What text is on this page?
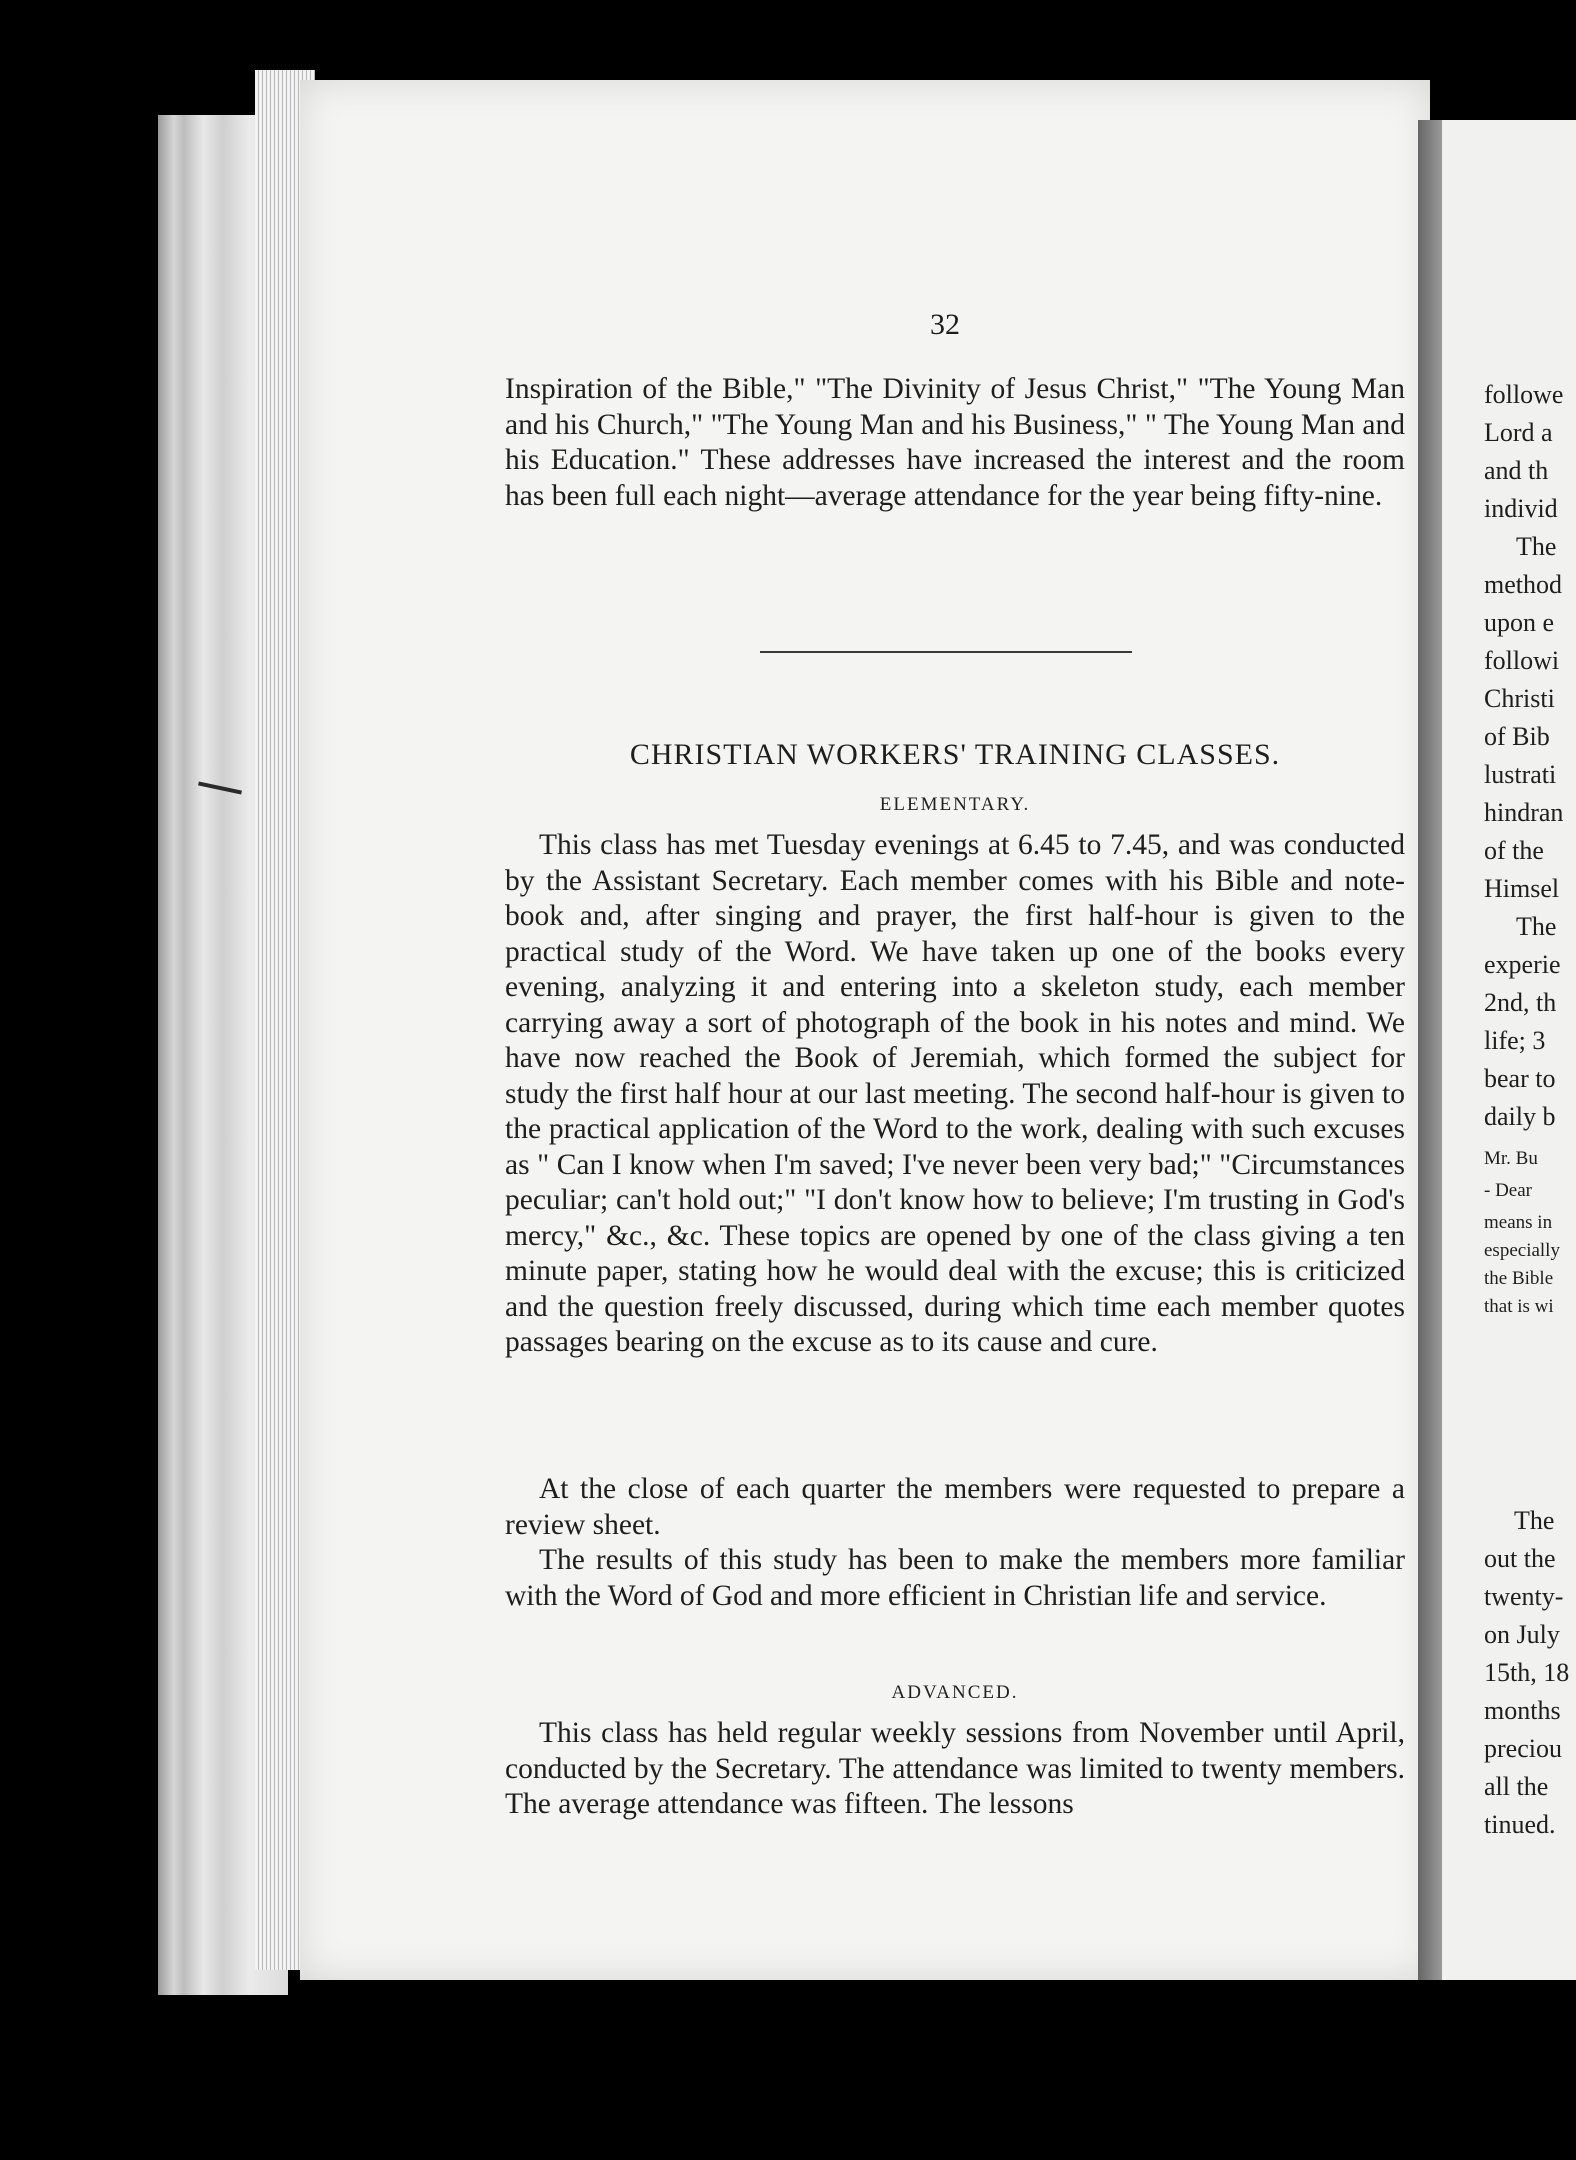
32

Inspiration of the Bible," "The Divinity of Jesus Christ," "The Young Man and his Church," "The Young Man and his Business," " The Young Man and his Education." These addresses have increased the interest and the room has been full each night—average attendance for the year being fifty-nine.

CHRISTIAN WORKERS' TRAINING CLASSES.
ELEMENTARY.

This class has met Tuesday evenings at 6.45 to 7.45, and was conducted by the Assistant Secretary. Each member comes with his Bible and note-book and, after singing and prayer, the first half-hour is given to the practical study of the Word. We have taken up one of the books every evening, analyzing it and entering into a skeleton study, each member carrying away a sort of photograph of the book in his notes and mind. We have now reached the Book of Jeremiah, which formed the subject for study the first half hour at our last meeting. The second half-hour is given to the practical application of the Word to the work, dealing with such excuses as " Can I know when I'm saved; I've never been very bad;" "Circumstances peculiar; can't hold out;" "I don't know how to believe; I'm trusting in God's mercy," &c., &c. These topics are opened by one of the class giving a ten minute paper, stating how he would deal with the excuse; this is criticized and the question freely discussed, during which time each member quotes passages bearing on the excuse as to its cause and cure.

At the close of each quarter the members were requested to prepare a review sheet.

The results of this study has been to make the members more familiar with the Word of God and more efficient in Christian life and service.

ADVANCED.

This class has held regular weekly sessions from November until April, conducted by the Secretary. The attendance was limited to twenty members. The average attendance was fifteen. The lessons

followe
Lord a
and th
individ
The
method
upon e
followi
Christi
of Bib
lustrati
hindran
of the
Himsel
The
experie
2nd, th
life; 3
bear to
daily b
Mr. Bu
- Dear
means in
especially
the Bible
that is wi
The
out the
twenty-
on July
15th, 18
months
preciou
all the
tinued.
